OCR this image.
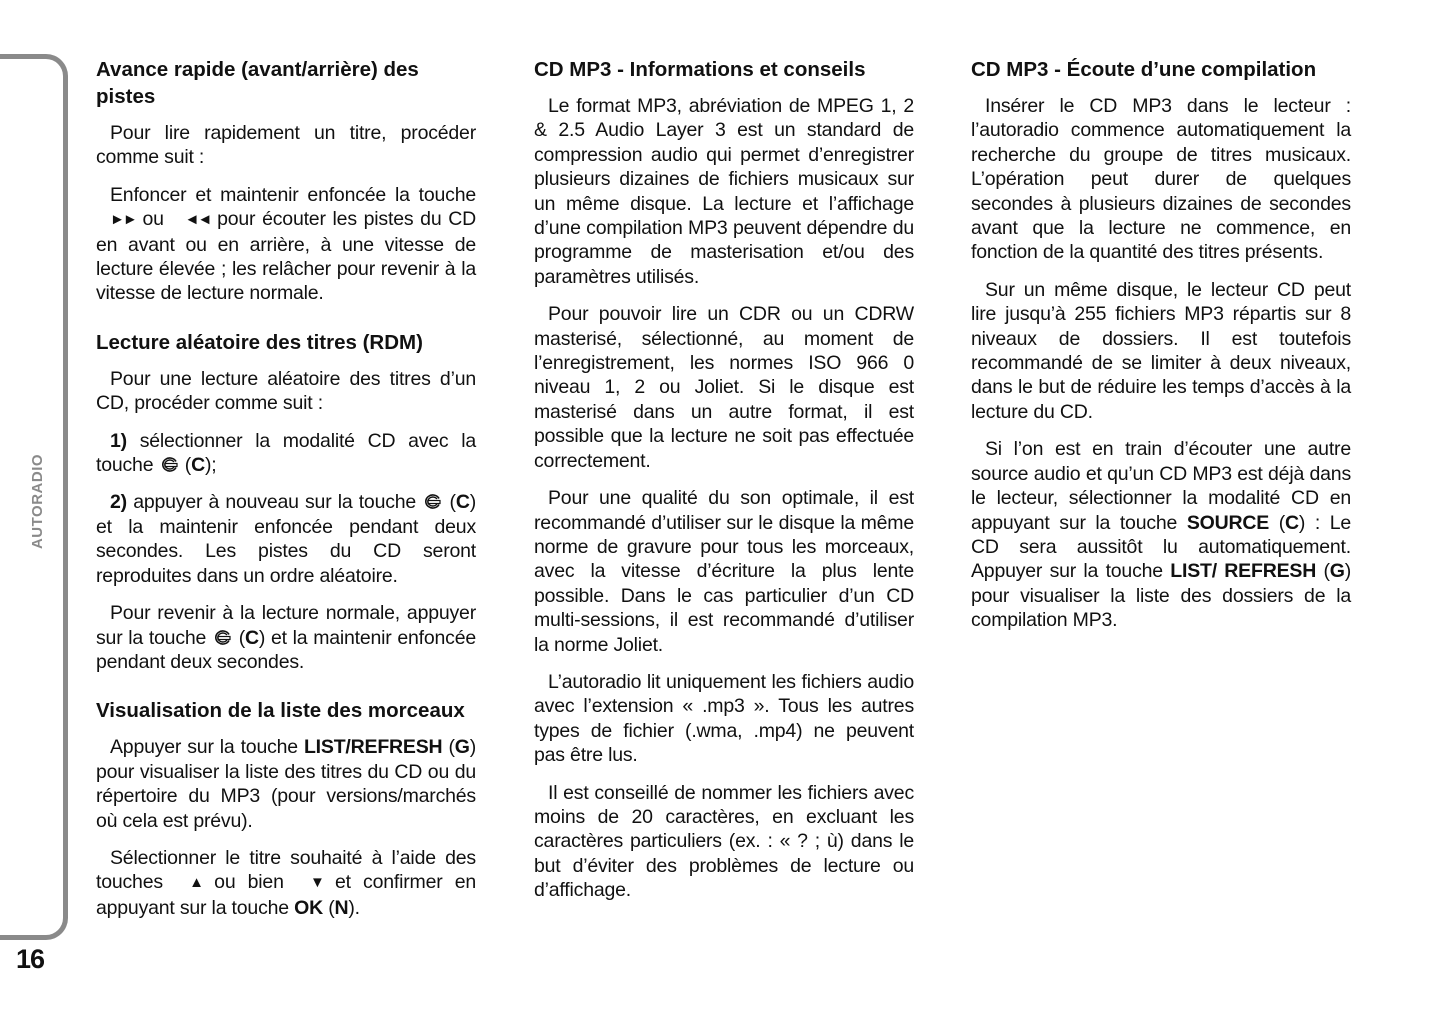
AUTORADIO
16
Avance rapide (avant/arrière) des pistes

Pour lire rapidement un titre, procéder comme suit :

Enfoncer et maintenir enfoncée la touche ►► ou ◄◄ pour écouter les pistes du CD en avant ou en arrière, à une vitesse de lecture élevée ; les relâcher pour revenir à la vitesse de lecture normale.

Lecture aléatoire des titres (RDM)

Pour une lecture aléatoire des titres d’un CD, procéder comme suit :

1) sélectionner la modalité CD avec la touche
(C);

2) appuyer à nouveau sur la touche
(C) et la maintenir enfoncée pendant deux secondes. Les pistes du CD seront reproduites dans un ordre aléatoire.

Pour revenir à la lecture normale, appuyer sur la touche
(C) et la maintenir enfoncée pendant deux secondes.

Visualisation de la liste des morceaux

Appuyer sur la touche LIST/REFRESH (G) pour visualiser la liste des titres du CD ou du répertoire du MP3 (pour versions/marchés où cela est prévu).

Sélectionner le titre souhaité à l’aide des touches ▲ ou bien ▼ et confirmer en appuyant sur la touche OK (N).

CD MP3 - Informations et conseils

Le format MP3, abréviation de MPEG 1, 2 & 2.5 Audio Layer 3 est un standard de compression audio qui permet d’enregistrer plusieurs dizaines de fichiers musicaux sur un même disque. La lecture et l’affichage d’une compilation MP3 peuvent dépendre du programme de masterisation et/ou des paramètres utilisés.

Pour pouvoir lire un CDR ou un CDRW masterisé, sélectionné, au moment de l’enregistrement, les normes ISO 966 0 niveau 1, 2 ou Joliet. Si le disque est masterisé dans un autre format, il est possible que la lecture ne soit pas effectuée correctement.

Pour une qualité du son optimale, il est recommandé d’utiliser sur le disque la même norme de gravure pour tous les morceaux, avec la vitesse d’écriture la plus lente possible. Dans le cas particulier d’un CD multi-sessions, il est recommandé d’utiliser la norme Joliet.

L’autoradio lit uniquement les fichiers audio avec l’extension « .mp3 ». Tous les autres types de fichier (.wma, .mp4) ne peuvent pas être lus.

Il est conseillé de nommer les fichiers avec moins de 20 caractères, en excluant les caractères particuliers (ex. : « ? ; ù) dans le but d’éviter des problèmes de lecture ou d’affichage.

CD MP3 - Écoute d’une compilation

Insérer le CD MP3 dans le lecteur : l’autoradio commence automatiquement la recherche du groupe de titres musicaux. L’opération peut durer de quelques secondes à plusieurs dizaines de secondes avant que la lecture ne commence, en fonction de la quantité des titres présents.

Sur un même disque, le lecteur CD peut lire jusqu’à 255 fichiers MP3 répartis sur 8 niveaux de dossiers. Il est toutefois recommandé de se limiter à deux niveaux, dans le but de réduire les temps d’accès à la lecture du CD.

Si l’on est en train d’écouter une autre source audio et qu’un CD MP3 est déjà dans le lecteur, sélectionner la modalité CD en appuyant sur la touche SOURCE (C) : Le CD sera aussitôt lu automatiquement. Appuyer sur la touche LIST/ REFRESH (G) pour visualiser la liste des dossiers de la compilation MP3.
